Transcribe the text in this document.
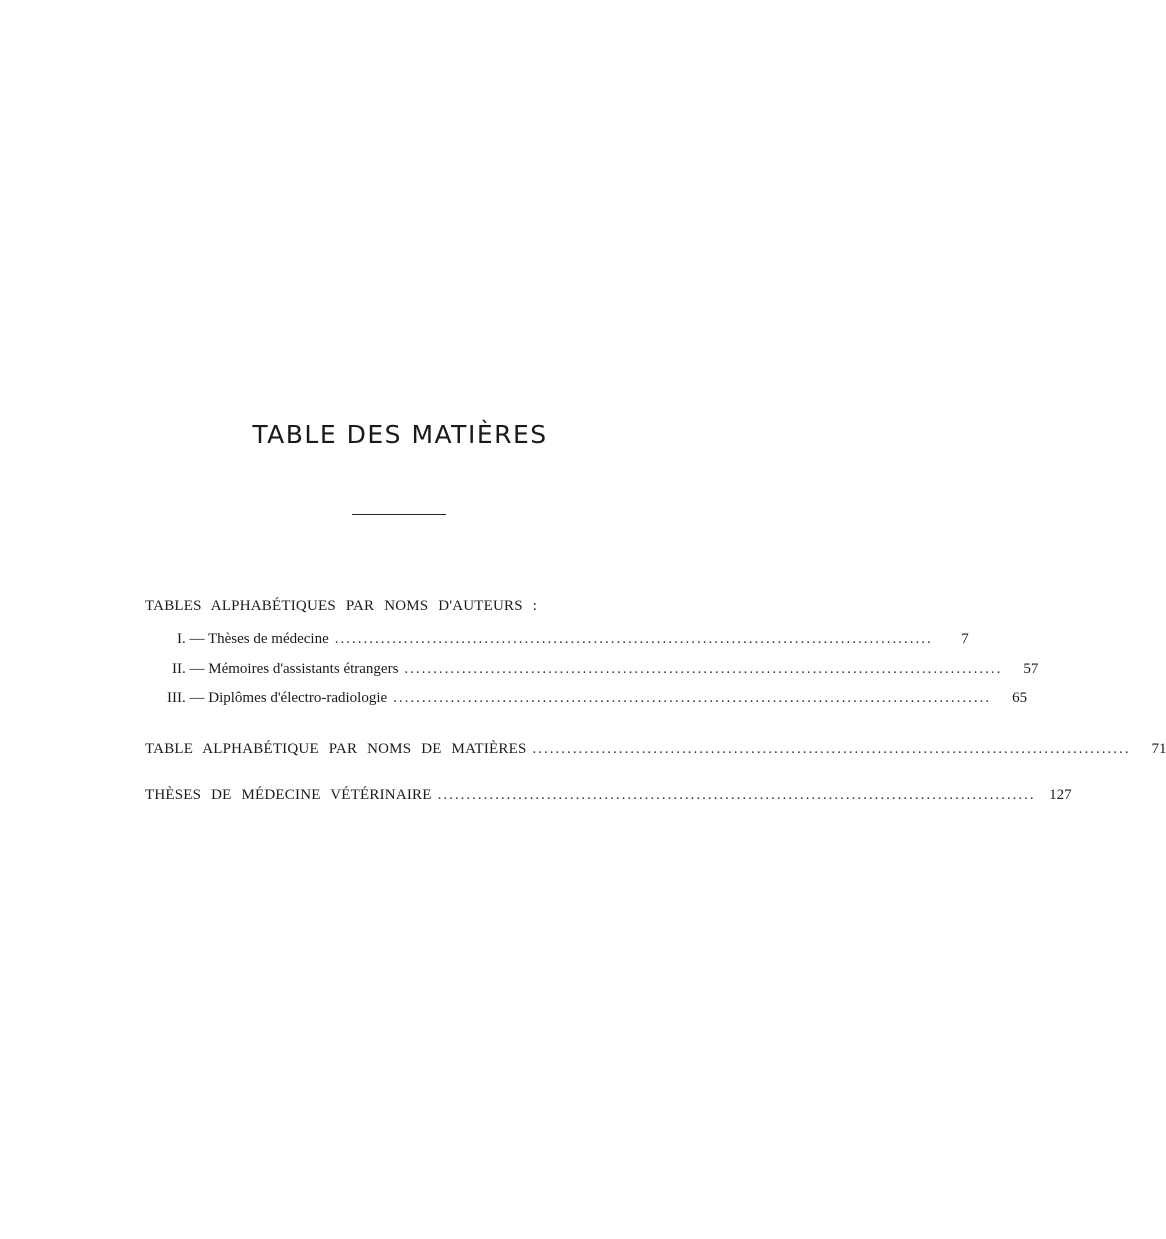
TABLE DES MATIÈRES
TABLES ALPHABÉTIQUES PAR NOMS D'AUTEURS :
I. — Thèses de médecine ........................................................................................................	7
II. — Mémoires d'assistants étrangers ........................................................................................................	57
III. — Diplômes d'électro-radiologie ........................................................................................................	65
TABLE ALPHABÉTIQUE PAR NOMS DE MATIÈRES ........................................................................................................	71
THÈSES DE MÉDECINE VÉTÉRINAIRE ........................................................................................................ 127
